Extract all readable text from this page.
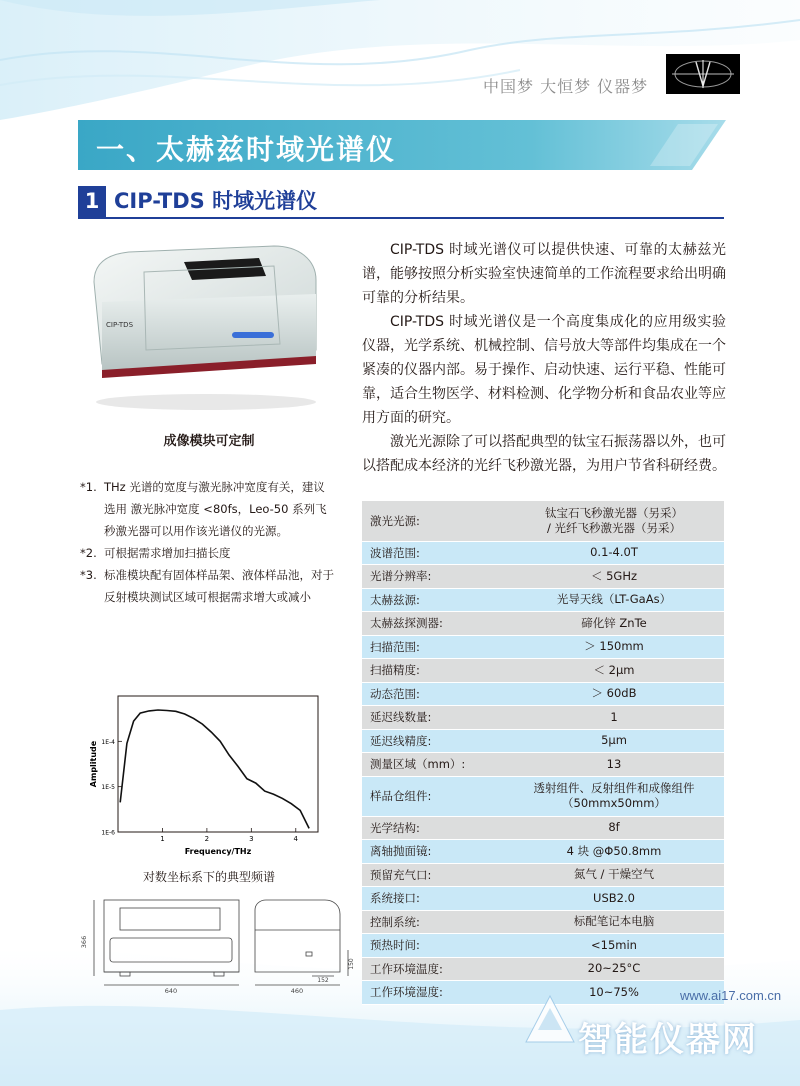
中国梦 大恒梦 仪器梦
一、太赫兹时域光谱仪
1 CIP-TDS 时域光谱仪
CIP-TDS
成像模块可定制
*1. THz 光谱的宽度与激光脉冲宽度有关，建议选用 激光脉冲宽度 <80fs，Leo-50 系列飞秒激光器可以用作该光谱仪的光源。
*2. 可根据需求增加扫描长度
*3. 标准模块配有固体样品架、液体样品池，对于反射模块测试区域可根据需求增大或减小

CIP-TDS 时域光谱仪可以提供快速、可靠的太赫兹光谱，能够按照分析实验室快速简单的工作流程要求给出明确可靠的分析结果。

CIP-TDS 时域光谱仪是一个高度集成化的应用级实验仪器，光学系统、机械控制、信号放大等部件均集成在一个紧凑的仪器内部。易于操作、启动快速、运行平稳、性能可靠，适合生物医学、材料检测、化学物分析和食品农业等应用方面的研究。

激光光源除了可以搭配典型的钛宝石振荡器以外，也可以搭配成本经济的光纤飞秒激光器，为用户节省科研经费。

1E-4
1E-5
1E-6
1	2	3	4
Frequency/THz
Amplitude
对数坐标系下的典型频谱
366
640	460
152
150
激光光源:	钛宝石飞秒激光器（另采）
/ 光纤飞秒激光器（另采）
波谱范围:	0.1-4.0T
光谱分辨率:	＜ 5GHz
太赫兹源:	光导天线（LT-GaAs）
太赫兹探测器:	碲化锌 ZnTe
扫描范围:	＞ 150mm
扫描精度:	＜ 2μm
动态范围:	＞ 60dB
延迟线数量:	1
延迟线精度:	5μm
测量区域（mm）:	13
样品仓组件:	透射组件、反射组件和成像组件
（50mmx50mm）
光学结构:	8f
离轴抛面镜:	4 块 @Φ50.8mm
预留充气口:	氮气 / 干燥空气
系统接口:	USB2.0
控制系统:	标配笔记本电脑
预热时间:	<15min
工作环境温度:	20~25°C
工作环境湿度:	10~75%	www.ai17.com.cn
智能仪器网
